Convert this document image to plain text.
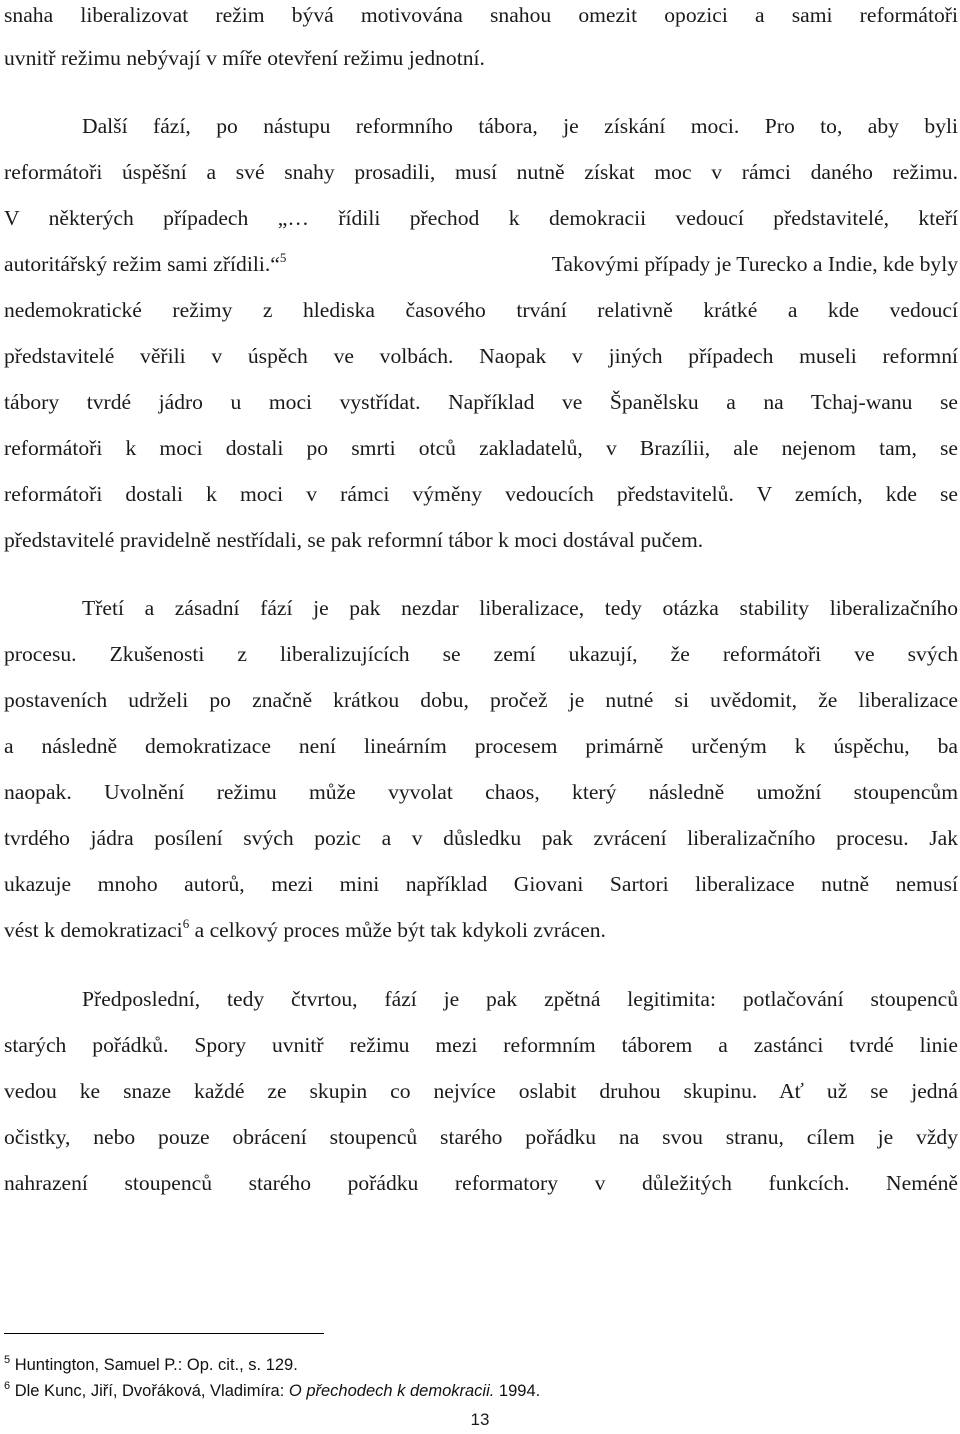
snaha liberalizovat režim bývá motivována snahou omezit opozici a sami reformátoři
uvnitř režimu nebývají v míře otevření režimu jednotní.
Další fází, po nástupu reformního tábora, je získání moci. Pro to, aby byli
reformátoři úspěšní a své snahy prosadili, musí nutně získat moc v rámci daného režimu.
V některých případech „… řídili přechod k demokracii vedoucí představitelé, kteří
autoritářský režim sami zřídili.“$^5$	Takovými případy je Turecko a Indie, kde byly
nedemokratické režimy z hlediska časového trvání relativně krátké a kde vedoucí
představitelé věřili v úspěch ve volbách. Naopak v jiných případech museli reformní
tábory tvrdé jádro u moci vystřídat. Například ve Španělsku a na Tchaj-wanu se
reformátoři k moci dostali po smrti otců zakladatelů, v Brazílii, ale nejenom tam, se
reformátoři dostali k moci v rámci výměny vedoucích představitelů. V zemích, kde se
představitelé pravidelně nestřídali, se pak reformní tábor k moci dostával pučem.
Třetí a zásadní fází je pak nezdar liberalizace, tedy otázka stability liberalizačního
procesu. Zkušenosti z liberalizujících se zemí ukazují, že reformátoři ve svých
postaveních udrželi po značně krátkou dobu, pročež je nutné si uvědomit, že liberalizace
a následně demokratizace není lineárním procesem primárně určeným k úspěchu, ba
naopak. Uvolnění režimu může vyvolat chaos, který následně umožní stoupencům
tvrdého jádra posílení svých pozic a v důsledku pak zvrácení liberalizačního procesu. Jak
ukazuje mnoho autorů, mezi mini například Giovani Sartori liberalizace nutně nemusí
vést k demokratizaci$^6$ a celkový proces může být tak kdykoli zvrácen.
Předposlední, tedy čtvrtou, fází je pak zpětná legitimita: potlačování stoupenců
starých pořádků. Spory uvnitř režimu mezi reformním táborem a zastánci tvrdé linie
vedou ke snaze každé ze skupin co nejvíce oslabit druhou skupinu. Ať už se jedná
očistky, nebo pouze obrácení stoupenců starého pořádku na svou stranu, cílem je vždy
nahrazení stoupenců starého pořádku reformatory v důležitých funkcích. Neméně
$^5$ Huntington, Samuel P.: Op. cit., s. 129.
$^6$ Dle Kunc, Jiří, Dvořáková, Vladimíra: O přechodech k demokracii. 1994.
13
